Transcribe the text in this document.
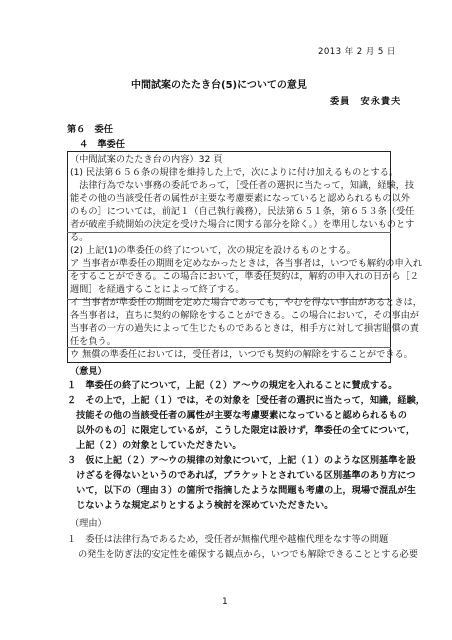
2013 年 2 月 5 日
中間試案のたたき台(5)についての意見
委員　安永貴夫
第６　委任
４　準委任
（中間試案のたたき台の内容）32 頁
(1) 民法第６５６条の規律を維持した上で，次によりに付け加えるものとする。
　法律行為でない事務の委託であって，［受任者の選択に当たって，知識，経験，技
能その他の当該受任者の属性が主要な考慮要素になっていると認められるもの以外
のもの］については，前記１（自己執行義務），民法第６５１条，第６５３条（受任
者が破産手続開始の決定を受けた場合に関する部分を除く。）を準用しないものとす
る。
(2) 上記(1)の準委任の終了について，次の規定を設けるものとする。
ア 当事者が準委任の期間を定めなかったときは，各当事者は，いつでも解約の申入れ
をすることができる。この場合において，準委任契約は，解約の申入れの日から［２
週間］を経過することによって終了する。
イ 当事者が準委任の期間を定めた場合であっても，やむを得ない事由があるときは，
各当事者は，直ちに契約の解除をすることができる。この場合において，その事由が
当事者の一方の過失によって生じたものであるときは，相手方に対して損害賠償の責
任を負う。
ウ 無償の準委任においては，受任者は，いつでも契約の解除をすることができる。
（意見）
１　準委任の終了について，上記（２）ア～ウの規定を入れることに賛成する。
２　その上で，上記（１）では，その対象を［受任者の選択に当たって，知識，経験，
　技能その他の当該受任者の属性が主要な考慮要素になっていると認められるもの
　以外のもの］に限定しているが，こうした限定は設けず，準委任の全てについて，
　上記（２）の対象としていただきたい。
３　仮に上記（２）ア～ウの規律の対象について，上記（１）のような区別基準を設
　けざるを得ないというのであれば，ブラケットとされている区別基準のあり方につ
　いて，以下の（理由３）の箇所で指摘したような問題も考慮の上，現場で混乱が生
　じないような規定ぶりとするよう検討を深めていただきたい。
（理由）
１　委任は法律行為であるため，受任者が無権代理や越権代理をなす等の問題
の発生を防ぎ法的安定性を確保する観点から，いつでも解除できることとする必要
1
